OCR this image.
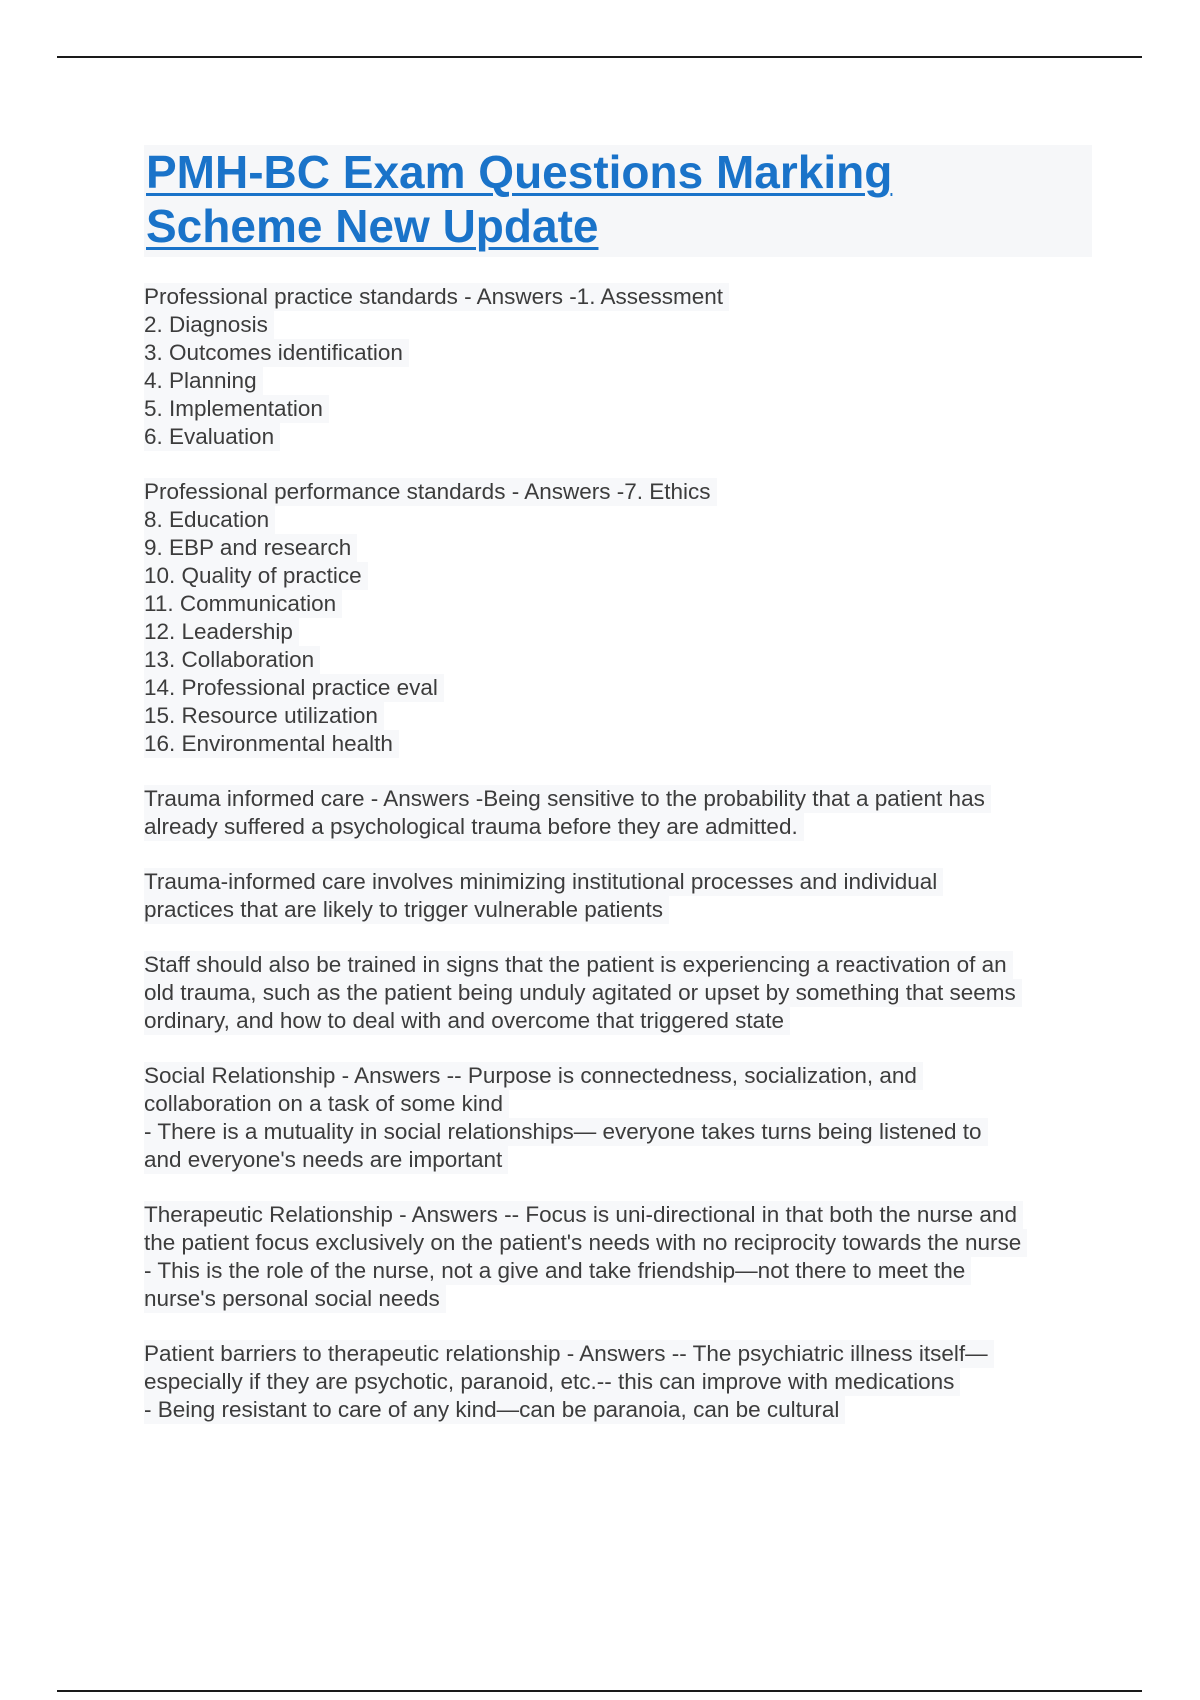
PMH-BC Exam Questions Marking
Scheme New Update
Professional practice standards - Answers -1. Assessment
2. Diagnosis
3. Outcomes identification
4. Planning
5. Implementation
6. Evaluation
Professional performance standards - Answers -7. Ethics
8. Education
9. EBP and research
10. Quality of practice
11. Communication
12. Leadership
13. Collaboration
14. Professional practice eval
15. Resource utilization
16. Environmental health
Trauma informed care - Answers -Being sensitive to the probability that a patient has
already suffered a psychological trauma before they are admitted.
Trauma-informed care involves minimizing institutional processes and individual
practices that are likely to trigger vulnerable patients
Staff should also be trained in signs that the patient is experiencing a reactivation of an
old trauma, such as the patient being unduly agitated or upset by something that seems
ordinary, and how to deal with and overcome that triggered state
Social Relationship - Answers -- Purpose is connectedness, socialization, and
collaboration on a task of some kind
- There is a mutuality in social relationships— everyone takes turns being listened to
and everyone's needs are important
Therapeutic Relationship - Answers -- Focus is uni-directional in that both the nurse and
the patient focus exclusively on the patient's needs with no reciprocity towards the nurse
- This is the role of the nurse, not a give and take friendship—not there to meet the
nurse's personal social needs
Patient barriers to therapeutic relationship - Answers -- The psychiatric illness itself—
especially if they are psychotic, paranoid, etc.-- this can improve with medications
- Being resistant to care of any kind—can be paranoia, can be cultural
